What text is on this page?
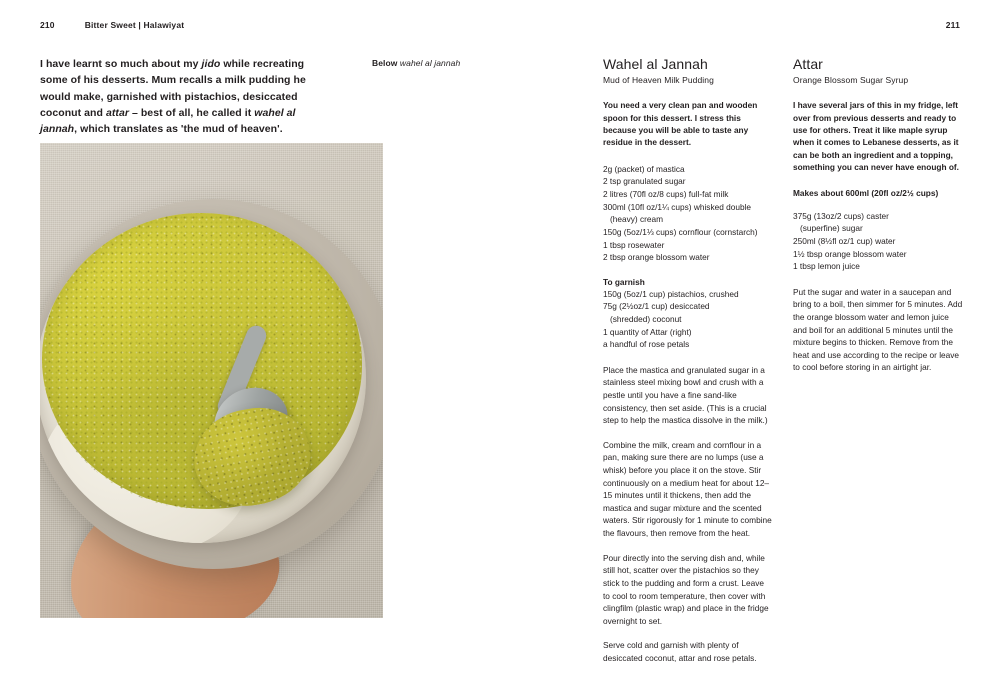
210	Bitter Sweet | Halawiyat	211
I have learnt so much about my jido while recreating some of his desserts. Mum recalls a milk pudding he would make, garnished with pistachios, desiccated coconut and attar – best of all, he called it wahel al jannah, which translates as 'the mud of heaven'.
Below wahel al jannah	Wahel al Jannah

Mud of Heaven Milk Pudding

You need a very clean pan and wooden spoon for this dessert. I stress this because you will be able to taste any residue in the dessert.

2g (packet) of mastica
2 tsp granulated sugar
2 litres (70fl oz/8 cups) full-fat milk
300ml (10fl oz/1¼ cups) whisked double

(heavy) cream
150g (5oz/1⅓ cups) cornflour (cornstarch)
1 tbsp rosewater
2 tbsp orange blossom water

To garnish

150g (5oz/1 cup) pistachios, crushed
75g (2½oz/1 cup) desiccated

(shredded) coconut
1 quantity of Attar (right)
a handful of rose petals

Place the mastica and granulated sugar in a stainless steel mixing bowl and crush with a pestle until you have a fine sand-like consistency, then set aside. (This is a crucial step to help the mastica dissolve in the milk.)

Combine the milk, cream and cornflour in a pan, making sure there are no lumps (use a whisk) before you place it on the stove. Stir continuously on a medium heat for about 12–15 minutes until it thickens, then add the mastica and sugar mixture and the scented waters. Stir rigorously for 1 minute to combine the flavours, then remove from the heat.

Pour directly into the serving dish and, while still hot, scatter over the pistachios so they stick to the pudding and form a crust. Leave to cool to room temperature, then cover with clingfilm (plastic wrap) and place in the fridge overnight to set.

Serve cold and garnish with plenty of desiccated coconut, attar and rose petals.

Attar

Orange Blossom Sugar Syrup

I have several jars of this in my fridge, left over from previous desserts and ready to use for others. Treat it like maple syrup when it comes to Lebanese desserts, as it can be both an ingredient and a topping, something you can never have enough of.

Makes about 600ml (20fl oz/2½ cups)

375g (13oz/2 cups) caster

(superfine) sugar
250ml (8½fl oz/1 cup) water
1½ tbsp orange blossom water
1 tbsp lemon juice

Put the sugar and water in a saucepan and bring to a boil, then simmer for 5 minutes. Add the orange blossom water and lemon juice and boil for an additional 5 minutes until the mixture begins to thicken. Remove from the heat and use according to the recipe or leave to cool before storing in an airtight jar.
